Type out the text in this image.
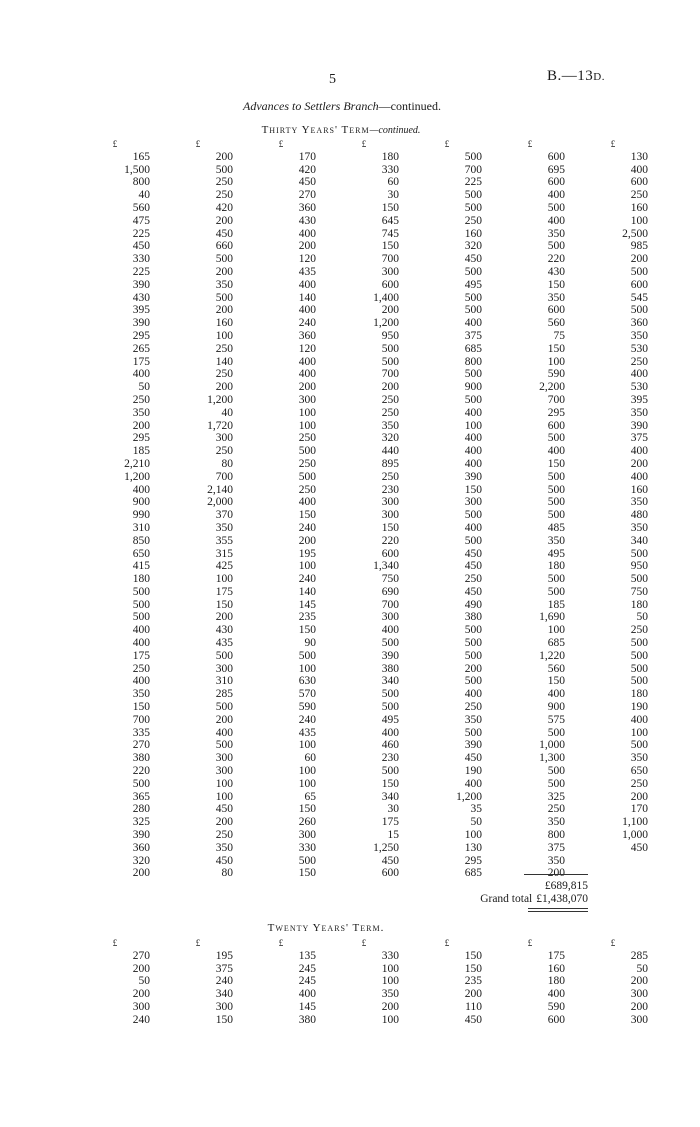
5	B.—13D.
Advances to Settlers Branch—continued.
Thirty Years' Term—continued.
£
165
1,500
800
40
560
475
225
450
330
225
390
430
395
390
295
265
175
400
50
250
350
200
295
185
2,210
1,200
400
900
990
310
850
650
415
180
500
500
500
400
400
175
250
400
350
150
700
335
270
380
220
500
365
280
325
390
360
320
200
£
200
500
250
250
420
200
450
660
500
200
350
500
200
160
100
250
140
250
200
1,200
40
1,720
300
250
80
700
2,140
2,000
370
350
355
315
425
100
175
150
200
430
435
500
300
310
285
500
200
400
500
300
300
100
100
450
200
250
350
450
80
£
170
420
450
270
360
430
400
200
120
435
400
140
400
240
360
120
400
400
200
300
100
100
250
500
250
500
250
400
150
240
200
195
100
240
140
145
235
150
90
500
100
630
570
590
240
435
100
60
100
100
65
150
260
300
330
500
150
£
180
330
60
30
150
645
745
150
700
300
600
1,400
200
1,200
950
500
500
700
200
250
250
350
320
440
895
250
230
300
300
150
220
600
1,340
750
690
700
300
400
500
390
380
340
500
500
495
400
460
230
500
150
340
30
175
15
1,250
450
600
£
500
700
225
500
500
250
160
320
450
500
495
500
500
400
375
685
800
500
900
500
400
100
400
400
400
390
150
300
500
400
500
450
450
250
450
490
380
500
500
500
200
500
400
250
350
500
390
450
190
400
1,200
35
50
100
130
295
685
£
600
695
600
400
500
400
350
500
220
430
150
350
600
560
75
150
100
590
2,200
700
295
600
500
400
150
500
500
500
500
485
350
495
180
500
500
185
1,690
100
685
1,220
560
150
400
900
575
500
1,000
1,300
500
500
325
250
350
800
375
350
200
£
130
400
600
250
160
100
2,500
985
200
500
600
545
500
360
350
530
250
400
530
395
350
390
375
400
200
400
160
350
480
350
340
500
950
500
750
180
50
250
500
500
500
500
180
190
400
100
500
350
650
250
200
170
1,100
1,000
450
£689,815
Grand total £1,438,070
Twenty Years' Term.
£
270
200
50
200
300
240
£
195
375
240
340
300
150
£
135
245
245
400
145
380
£
330
100
100
350
200
100
£
150
150
235
200
110
450
£
175
160
180
400
590
600
£
285
50
200
300
200
300
